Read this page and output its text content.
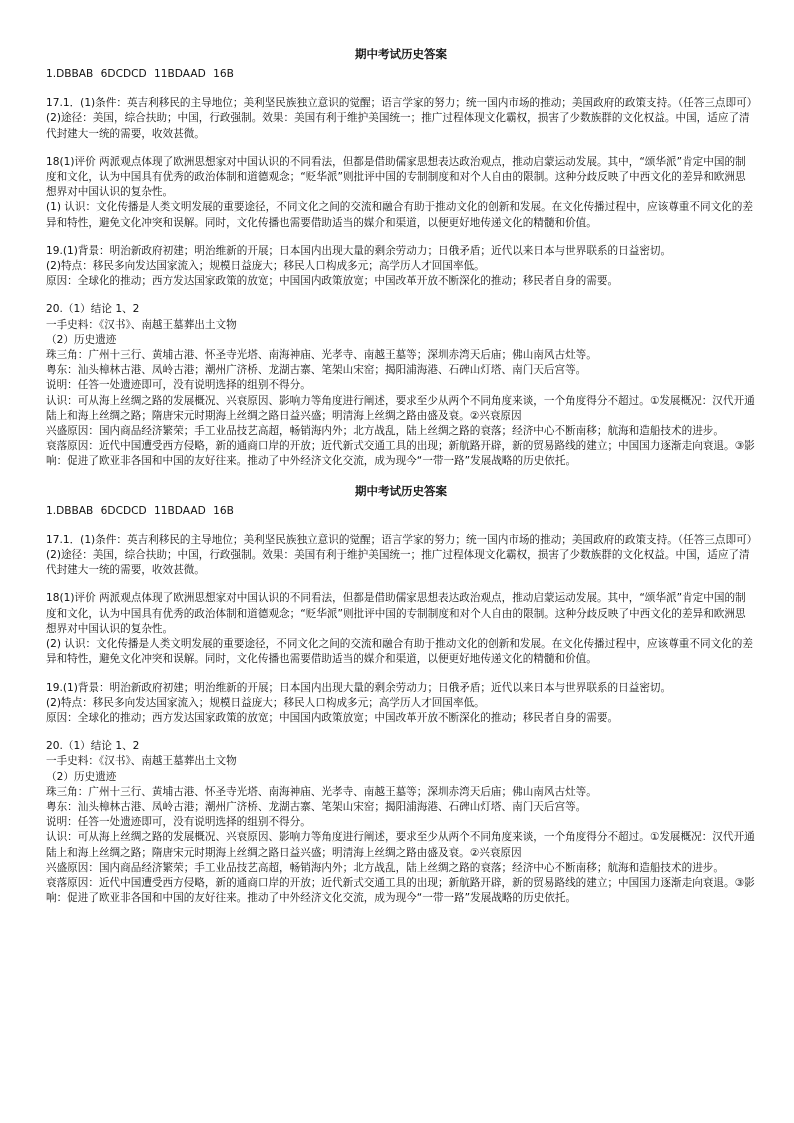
期中考试历史答案
1.DBBAB 6DCDCD 11BDAAD 16B

17.1．(1)条件：英吉利移民的主导地位；美利坚民族独立意识的觉醒；语言学家的努力；统一国内市场的推动；美国政府的政策支持。（任答三点即可）

(2)途径：美国，综合扶助；中国，行政强制。效果：美国有利于维护美国统一；推广过程体现文化霸权，损害了少数族群的文化权益。中国，适应了清代封建大一统的需要，收效甚微。

18(1)评价 两派观点体现了欧洲思想家对中国认识的不同看法，但都是借助儒家思想表达政治观点，推动启蒙运动发展。其中，“颂华派”肯定中国的制度和文化，认为中国具有优秀的政治体制和道德观念；“贬华派”则批评中国的专制制度和对个人自由的限制。这种分歧反映了中西文化的差异和欧洲思想界对中国认识的复杂性。

(1) 认识：文化传播是人类文明发展的重要途径，不同文化之间的交流和融合有助于推动文化的创新和发展。在文化传播过程中，应该尊重不同文化的差异和特性，避免文化冲突和误解。同时，文化传播也需要借助适当的媒介和渠道，以便更好地传递文化的精髓和价值。

19.(1)背景：明治新政府初建；明治维新的开展；日本国内出现大量的剩余劳动力；日俄矛盾；近代以来日本与世界联系的日益密切。

(2)特点：移民多向发达国家流入；规模日益庞大；移民人口构成多元；高学历人才回国率低。

原因：全球化的推动；西方发达国家政策的放宽；中国国内政策放宽；中国改革开放不断深化的推动；移民者自身的需要。

20.（1）结论 1、2

一手史料：《汉书》、南越王墓葬出土文物

（2）历史遗迹

珠三角：广州十三行、黄埔古港、怀圣寺光塔、南海神庙、光孝寺、南越王墓等；深圳赤湾天后庙；佛山南风古灶等。

粤东：汕头樟林古港、凤岭古港；潮州广济桥、龙湖古寨、笔架山宋窑；揭阳浦海港、石碑山灯塔、南门天后宫等。

说明：任答一处遗迹即可，没有说明选择的组别不得分。

认识：可从海上丝绸之路的发展概况、兴衰原因、影响力等角度进行阐述，要求至少从两个不同角度来谈，一个角度得分不超过。①发展概况：汉代开通陆上和海上丝绸之路；隋唐宋元时期海上丝绸之路日益兴盛；明清海上丝绸之路由盛及衰。②兴衰原因

兴盛原因：国内商品经济繁荣；手工业品技艺高超，畅销海内外；北方战乱，陆上丝绸之路的衰落；经济中心不断南移；航海和造船技术的进步。

衰落原因：近代中国遭受西方侵略，新的通商口岸的开放；近代新式交通工具的出现；新航路开辟，新的贸易路线的建立；中国国力逐渐走向衰退。③影响：促进了欧亚非各国和中国的友好往来。推动了中外经济文化交流，成为现今“一带一路”发展战略的历史依托。

期中考试历史答案
1.DBBAB 6DCDCD 11BDAAD 16B

17.1．(1)条件：英吉利移民的主导地位；美利坚民族独立意识的觉醒；语言学家的努力；统一国内市场的推动；美国政府的政策支持。（任答三点即可）

(2)途径：美国，综合扶助；中国，行政强制。效果：美国有利于维护美国统一；推广过程体现文化霸权，损害了少数族群的文化权益。中国，适应了清代封建大一统的需要，收效甚微。

18(1)评价 两派观点体现了欧洲思想家对中国认识的不同看法，但都是借助儒家思想表达政治观点，推动启蒙运动发展。其中，“颂华派”肯定中国的制度和文化，认为中国具有优秀的政治体制和道德观念；“贬华派”则批评中国的专制制度和对个人自由的限制。这种分歧反映了中西文化的差异和欧洲思想界对中国认识的复杂性。

(2) 认识：文化传播是人类文明发展的重要途径，不同文化之间的交流和融合有助于推动文化的创新和发展。在文化传播过程中，应该尊重不同文化的差异和特性，避免文化冲突和误解。同时，文化传播也需要借助适当的媒介和渠道，以便更好地传递文化的精髓和价值。

19.(1)背景：明治新政府初建；明治维新的开展；日本国内出现大量的剩余劳动力；日俄矛盾；近代以来日本与世界联系的日益密切。

(2)特点：移民多向发达国家流入；规模日益庞大；移民人口构成多元；高学历人才回国率低。

原因：全球化的推动；西方发达国家政策的放宽；中国国内政策放宽；中国改革开放不断深化的推动；移民者自身的需要。

20.（1）结论 1、2

一手史料：《汉书》、南越王墓葬出土文物

（2）历史遗迹

珠三角：广州十三行、黄埔古港、怀圣寺光塔、南海神庙、光孝寺、南越王墓等；深圳赤湾天后庙；佛山南风古灶等。

粤东：汕头樟林古港、凤岭古港；潮州广济桥、龙湖古寨、笔架山宋窑；揭阳浦海港、石碑山灯塔、南门天后宫等。

说明：任答一处遗迹即可，没有说明选择的组别不得分。

认识：可从海上丝绸之路的发展概况、兴衰原因、影响力等角度进行阐述，要求至少从两个不同角度来谈，一个角度得分不超过。①发展概况：汉代开通陆上和海上丝绸之路；隋唐宋元时期海上丝绸之路日益兴盛；明清海上丝绸之路由盛及衰。②兴衰原因

兴盛原因：国内商品经济繁荣；手工业品技艺高超，畅销海内外；北方战乱，陆上丝绸之路的衰落；经济中心不断南移；航海和造船技术的进步。

衰落原因：近代中国遭受西方侵略，新的通商口岸的开放；近代新式交通工具的出现；新航路开辟，新的贸易路线的建立；中国国力逐渐走向衰退。③影响：促进了欧亚非各国和中国的友好往来。推动了中外经济文化交流，成为现今“一带一路”发展战略的历史依托。
